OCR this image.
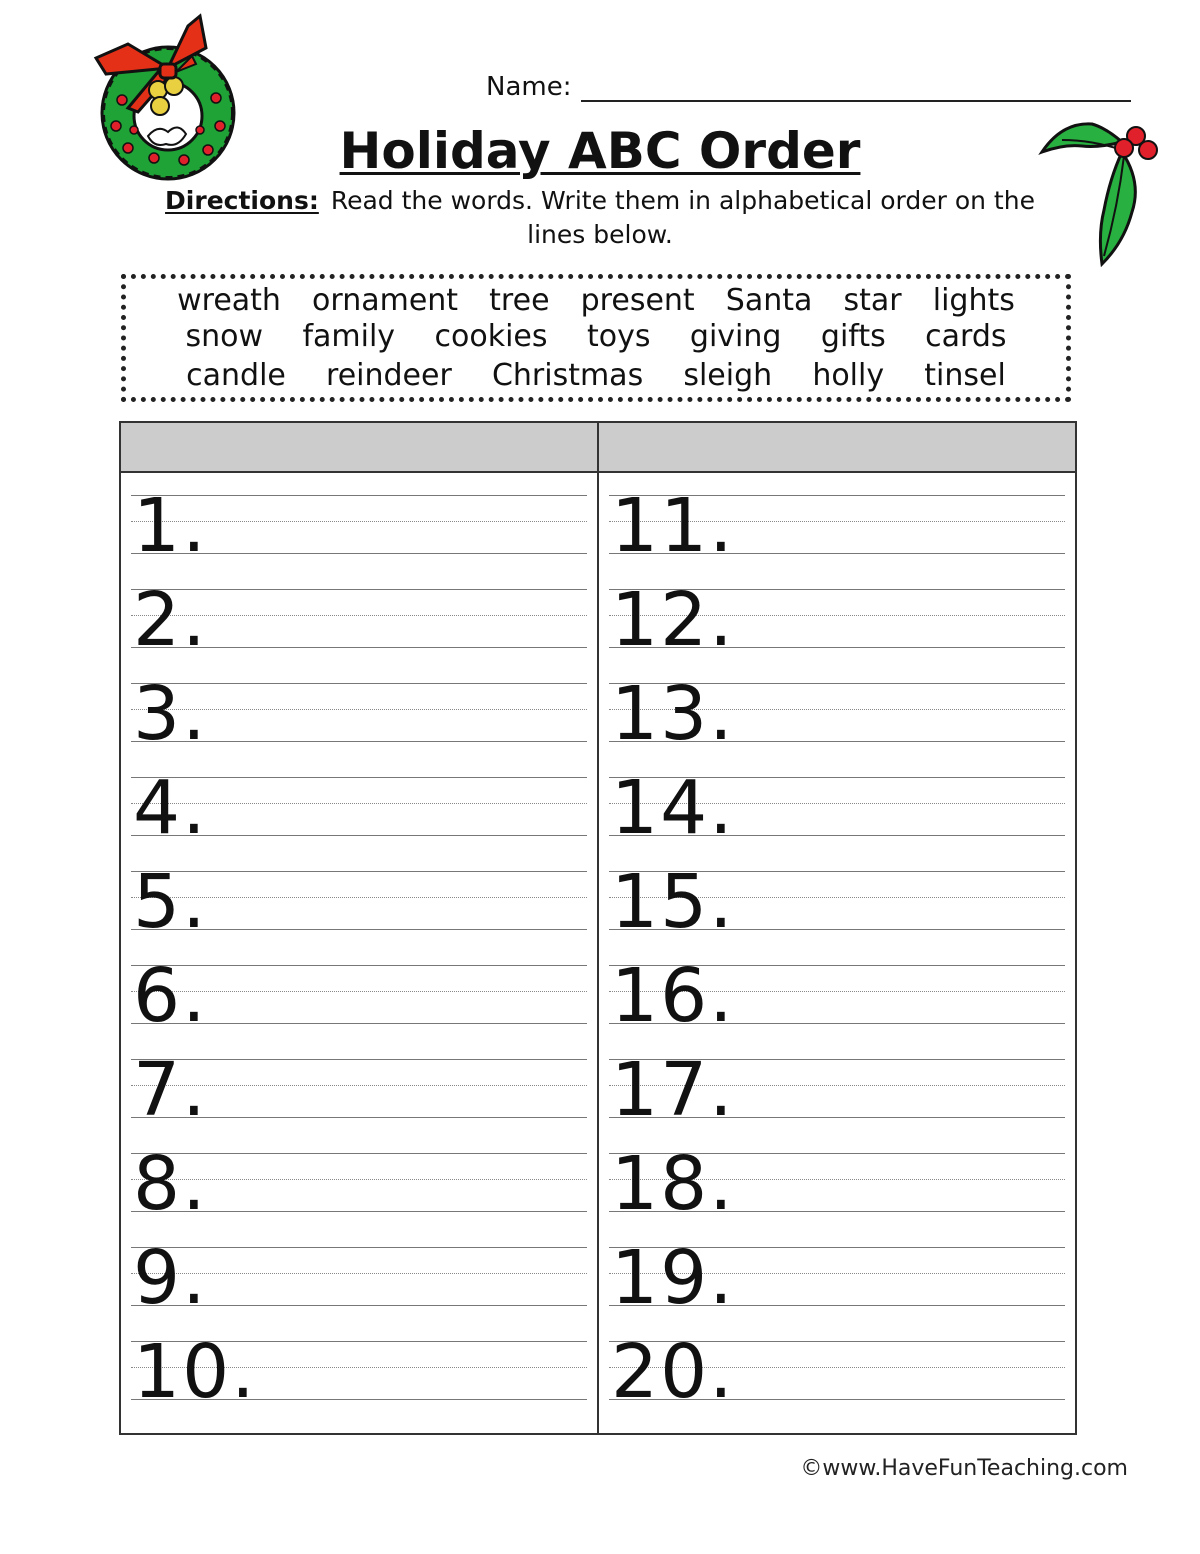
Name:
Holiday ABC Order
Directions: Read the words. Write them in alphabetical order on the lines below.
wreath ornament tree present Santa star lights
snow family cookies toys giving gifts cards
candle reindeer Christmas sleigh holly tinsel
1.
2.
3.
4.
5.
6.
7.
8.
9.
10.
11.
12.
13.
14.
15.
16.
17.
18.
19.
20.
©www.HaveFunTeaching.com
